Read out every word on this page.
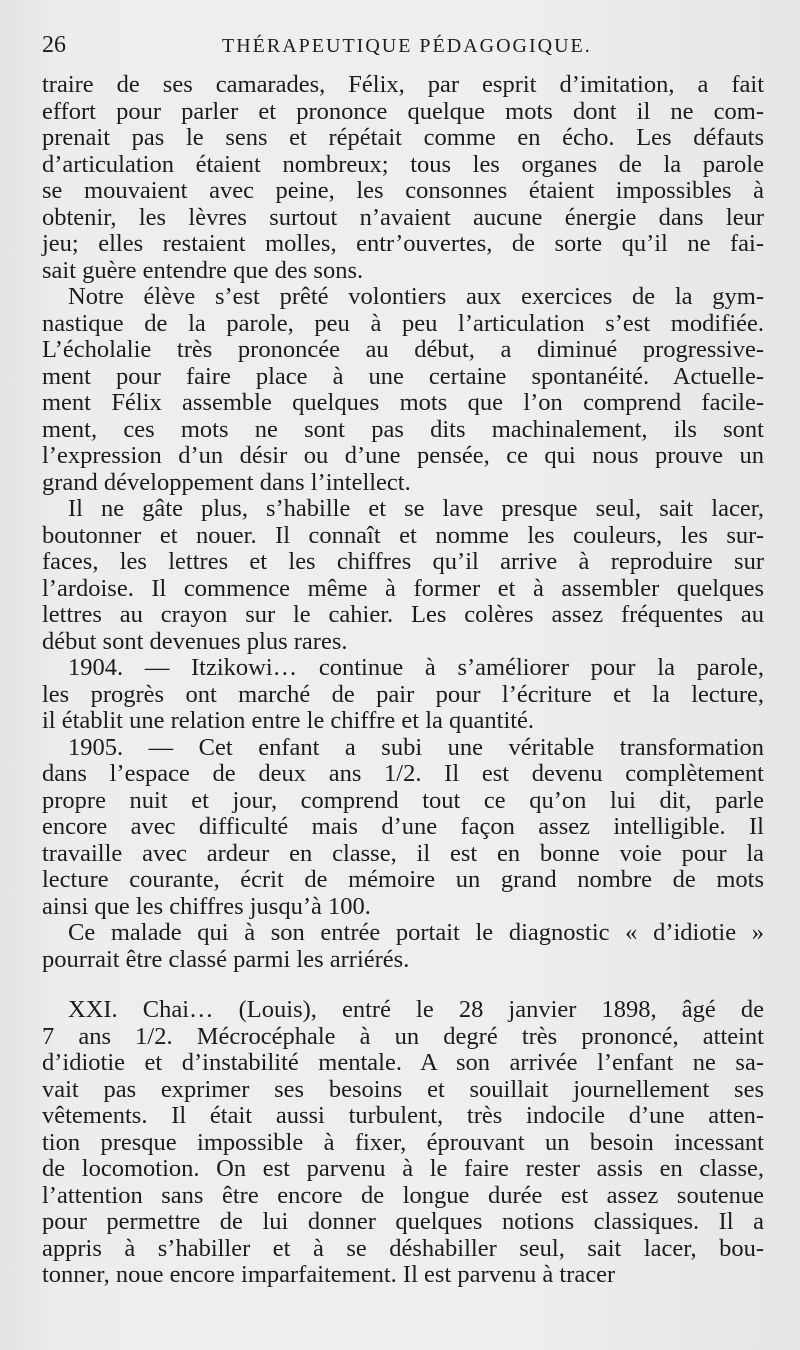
26	THÉRAPEUTIQUE PÉDAGOGIQUE.
traire de ses camarades, Félix, par esprit d’imitation, a fait
effort pour parler et prononce quelque mots dont il ne com-
prenait pas le sens et répétait comme en écho. Les défauts
d’articulation étaient nombreux; tous les organes de la parole
se mouvaient avec peine, les consonnes étaient impossibles à
obtenir, les lèvres surtout n’avaient aucune énergie dans leur
jeu; elles restaient molles, entr’ouvertes, de sorte qu’il ne fai-
sait guère entendre que des sons.
Notre élève s’est prêté volontiers aux exercices de la gym-
nastique de la parole, peu à peu l’articulation s’est modifiée.
L’écholalie très prononcée au début, a diminué progressive-
ment pour faire place à une certaine spontanéité. Actuelle-
ment Félix assemble quelques mots que l’on comprend facile-
ment, ces mots ne sont pas dits machinalement, ils sont
l’expression d’un désir ou d’une pensée, ce qui nous prouve un
grand développement dans l’intellect.
Il ne gâte plus, s’habille et se lave presque seul, sait lacer,
boutonner et nouer. Il connaît et nomme les couleurs, les sur-
faces, les lettres et les chiffres qu’il arrive à reproduire sur
l’ardoise. Il commence même à former et à assembler quelques
lettres au crayon sur le cahier. Les colères assez fréquentes au
début sont devenues plus rares.
1904. — Itzikowi… continue à s’améliorer pour la parole,
les progrès ont marché de pair pour l’écriture et la lecture,
il établit une relation entre le chiffre et la quantité.
1905. — Cet enfant a subi une véritable transformation
dans l’espace de deux ans 1/2. Il est devenu complètement
propre nuit et jour, comprend tout ce qu’on lui dit, parle
encore avec difficulté mais d’une façon assez intelligible. Il
travaille avec ardeur en classe, il est en bonne voie pour la
lecture courante, écrit de mémoire un grand nombre de mots
ainsi que les chiffres jusqu’à 100.
Ce malade qui à son entrée portait le diagnostic « d’idiotie »
pourrait être classé parmi les arriérés.
XXI. Chai… (Louis), entré le 28 janvier 1898, âgé de
7 ans 1/2. Mécrocéphale à un degré très prononcé, atteint
d’idiotie et d’instabilité mentale. A son arrivée l’enfant ne sa-
vait pas exprimer ses besoins et souillait journellement ses
vêtements. Il était aussi turbulent, très indocile d’une atten-
tion presque impossible à fixer, éprouvant un besoin incessant
de locomotion. On est parvenu à le faire rester assis en classe,
l’attention sans être encore de longue durée est assez soutenue
pour permettre de lui donner quelques notions classiques. Il a
appris à s’habiller et à se déshabiller seul, sait lacer, bou-
tonner, noue encore imparfaitement. Il est parvenu à tracer
